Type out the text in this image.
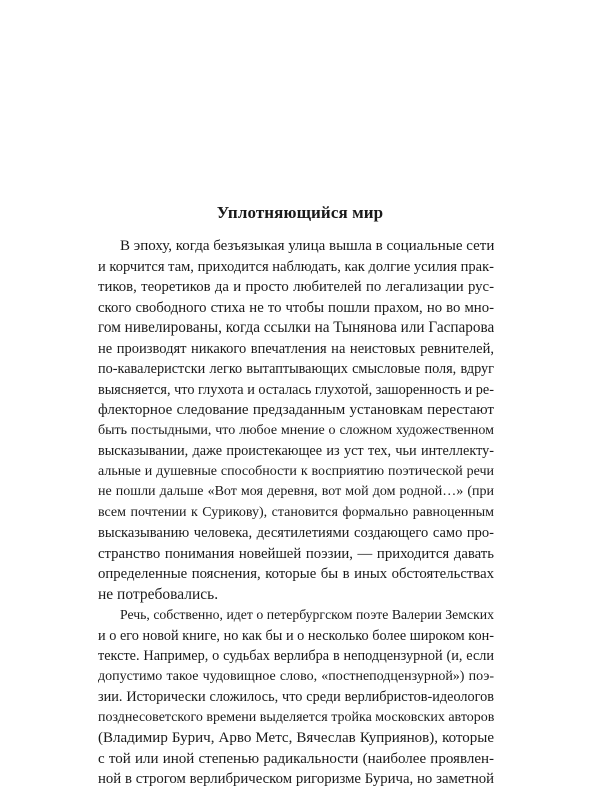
Уплотняющийся мир
В эпоху, когда безъязыкая улица вышла в социальные сети
и корчится там, приходится наблюдать, как долгие усилия прак-
тиков, теоретиков да и просто любителей по легализации рус-
ского свободного стиха не то чтобы пошли прахом, но во мно-
гом нивелированы, когда ссылки на Тынянова или Гаспарова
не производят никакого впечатления на неистовых ревнителей,
по-кавалеристски легко вытаптывающих смысловые поля, вдруг
выясняется, что глухота и осталась глухотой, зашоренность и ре-
флекторное следование предзаданным установкам перестают
быть постыдными, что любое мнение о сложном художественном
высказывании, даже проистекающее из уст тех, чьи интеллекту-
альные и душевные способности к восприятию поэтической речи
не пошли дальше «Вот моя деревня, вот мой дом родной…» (при
всем почтении к Сурикову), становится формально равноценным
высказыванию человека, десятилетиями создающего само про-
странство понимания новейшей поэзии, — приходится давать
определенные пояснения, которые бы в иных обстоятельствах
не потребовались.
Речь, собственно, идет о петербургском поэте Валерии Земских
и о его новой книге, но как бы и о несколько более широком кон-
тексте. Например, о судьбах верлибра в неподцензурной (и, если
допустимо такое чудовищное слово, «постнеподцензурной») поэ-
зии. Исторически сложилось, что среди верлибристов-идеологов
позднесоветского времени выделяется тройка московских авторов
(Владимир Бурич, Арво Метс, Вячеслав Куприянов), которые
с той или иной степенью радикальности (наиболее проявлен-
ной в строгом верлибрическом ригоризме Бурича, но заметной
